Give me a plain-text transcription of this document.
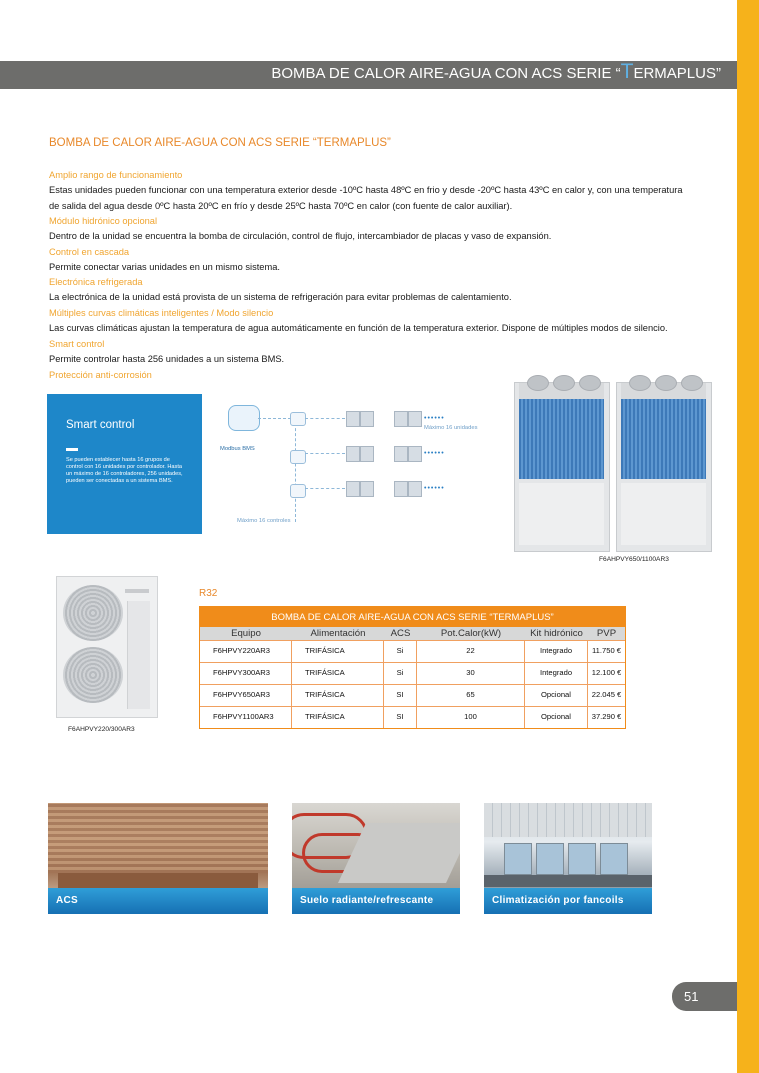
BOMBA DE CALOR AIRE-AGUA CON ACS SERIE “TERMAPLUS”
BOMBA DE CALOR AIRE-AGUA CON ACS SERIE “TERMAPLUS”
Amplio rango de funcionamiento
Estas unidades pueden funcionar con una temperatura exterior desde -10ºC hasta 48ºC en frio y desde -20ºC hasta 43ºC en calor y, con una temperatura de salida del agua desde 0ºC hasta 20ºC en frío y desde 25ºC hasta 70ºC en calor (con fuente de calor auxiliar).
Módulo hidrónico opcional
Dentro de la unidad se encuentra la bomba de circulación, control de flujo, intercambiador de placas y vaso de expansión.
Control en cascada
Permite conectar varias unidades en un mismo sistema.
Electrónica refrigerada
La electrónica de la unidad está provista de un sistema de refrigeración para evitar problemas de calentamiento.
Múltiples curvas climáticas inteligentes / Modo silencio
Las curvas climáticas ajustan la temperatura de agua automáticamente en función de la temperatura exterior. Dispone de múltiples modos de silencio.
Smart control
Permite controlar hasta 256 unidades a un sistema BMS.
Protección anti-corrosión
Smart control
Se pueden establecer hasta 16 grupos de control con 16 unidades por controlador. Hasta un máximo de 16 controladores, 256 unidades, pueden ser conectadas a un sistema BMS.
Modbus BMS
Máximo 16 controles
••••••
••••••
••••••
Máximo 16 unidades
F6AHPVY650/1100AR3
F6AHPVY220/300AR3
R32
BOMBA DE CALOR AIRE-AGUA CON ACS SERIE “TERMAPLUS”
Equipo	Alimentación	ACS	Pot.Calor(kW)	Kit hidrónico	PVP
F6HPVY220AR3	TRIFÁSICA	Si	22	Integrado	11.750 €
F6HPVY300AR3	TRIFÁSICA	Si	30	Integrado	12.100 €
F6HPVY650AR3	TRIFÁSICA	SI	65	Opcional	22.045 €
F6HPVY1100AR3	TRIFÁSICA	SI	100	Opcional	37.290 €
ACS	Suelo radiante/refrescante	Climatización por fancoils
51
